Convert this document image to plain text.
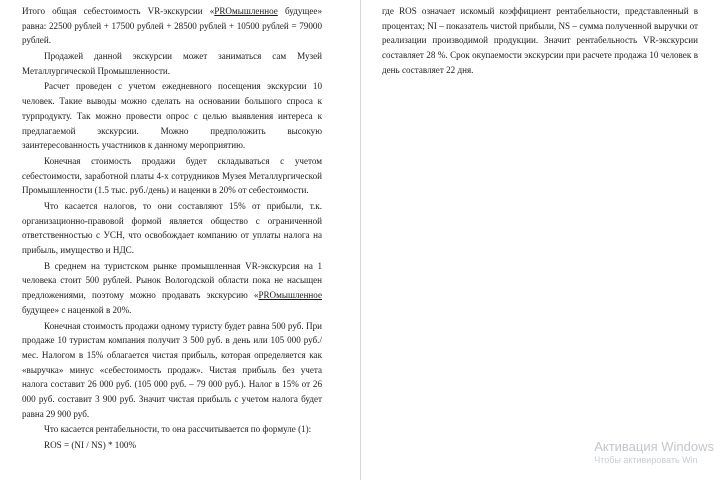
Итого общая себестоимость VR-экскурсии «PROмышленное будущее» равна: 22500 рублей + 17500 рублей + 28500 рублей + 10500 рублей = 79000 рублей.

Продажей данной экскурсии может заниматься сам Музей Металлургической Промышленности.

Расчет проведен с учетом ежедневного посещения экскурсии 10 человек. Такие выводы можно сделать на основании большого спроса к турпродукту. Так можно провести опрос с целью выявления интереса к предлагаемой экскурсии. Можно предположить высокую заинтересованность участников к данному мероприятию.

Конечная стоимость продажи будет складываться с учетом себестоимости, заработной платы 4-х сотрудников Музея Металлургической Промышленности (1.5 тыс. руб./день) и наценки в 20% от себестоимости.

Что касается налогов, то они составляют 15% от прибыли, т.к. организационно-правовой формой является общество с ограниченной ответственностью с УСН, что освобождает компанию от уплаты налога на прибыль, имущество и НДС.

В среднем на туристском рынке промышленная VR-экскурсия на 1 человека стоит 500 рублей. Рынок Вологодской области пока не насыщен предложениями, поэтому можно продавать экскурсию «PROмышленное будущее» с наценкой в 20%.

Конечная стоимость продажи одному туристу будет равна 500 руб. При продаже 10 туристам компания получит 3 500 руб. в день или 105 000 руб./мес. Налогом в 15% облагается чистая прибыль, которая определяется как «выручка» минус «себестоимость продаж». Чистая прибыль без учета налога составит 26 000 руб. (105 000 руб. – 79 000 руб.). Налог в 15% от 26 000 руб. составит 3 900 руб. Значит чистая прибыль с учетом налога будет равна 29 900 руб.

Что касается рентабельности, то она рассчитывается по формуле (1):

ROS = (NI / NS) * 100%

где ROS означает искомый коэффициент рентабельности, представленный в процентах; NI – показатель чистой прибыли, NS – сумма полученной выручки от реализации производимой продукции. Значит рентабельность VR-экскурсии составляет 28 %. Срок окупаемости экскурсии при расчете продажа 10 человек в день составляет 22 дня.

Активация Windows
Чтобы активировать Win
